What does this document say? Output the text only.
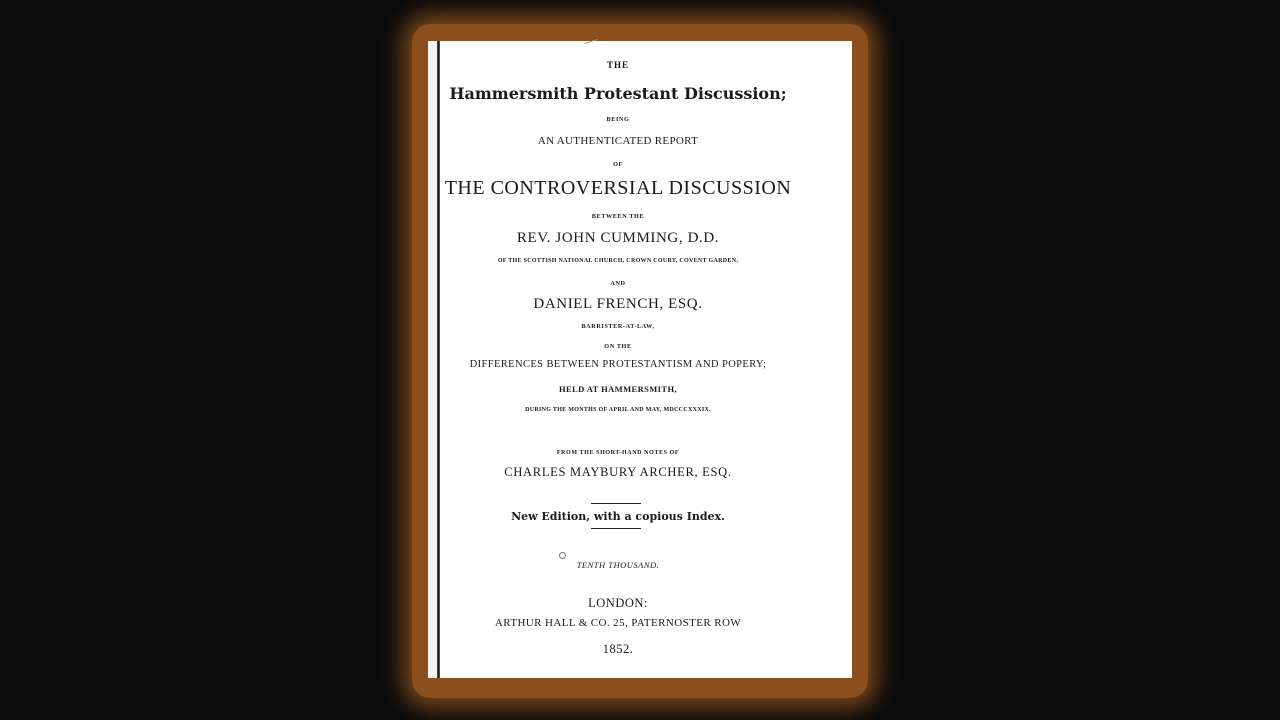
THE
Hammersmith Protestant Discussion;
BEING
AN AUTHENTICATED REPORT
OF
THE CONTROVERSIAL DISCUSSION
BETWEEN THE
REV. JOHN CUMMING, D.D.
OF THE SCOTTISH NATIONAL CHURCH, CROWN COURT, COVENT GARDEN,
AND
DANIEL FRENCH, ESQ.
BARRISTER-AT-LAW,
ON THE
DIFFERENCES BETWEEN PROTESTANTISM AND POPERY;
HELD AT HAMMERSMITH,
DURING THE MONTHS OF APRIL AND MAY, MDCCCXXXIX.
FROM THE SHORT-HAND NOTES OF
CHARLES MAYBURY ARCHER, ESQ.
New Edition, with a copious Index.
TENTH THOUSAND.
LONDON:
ARTHUR HALL & CO. 25, PATERNOSTER ROW
1852.
